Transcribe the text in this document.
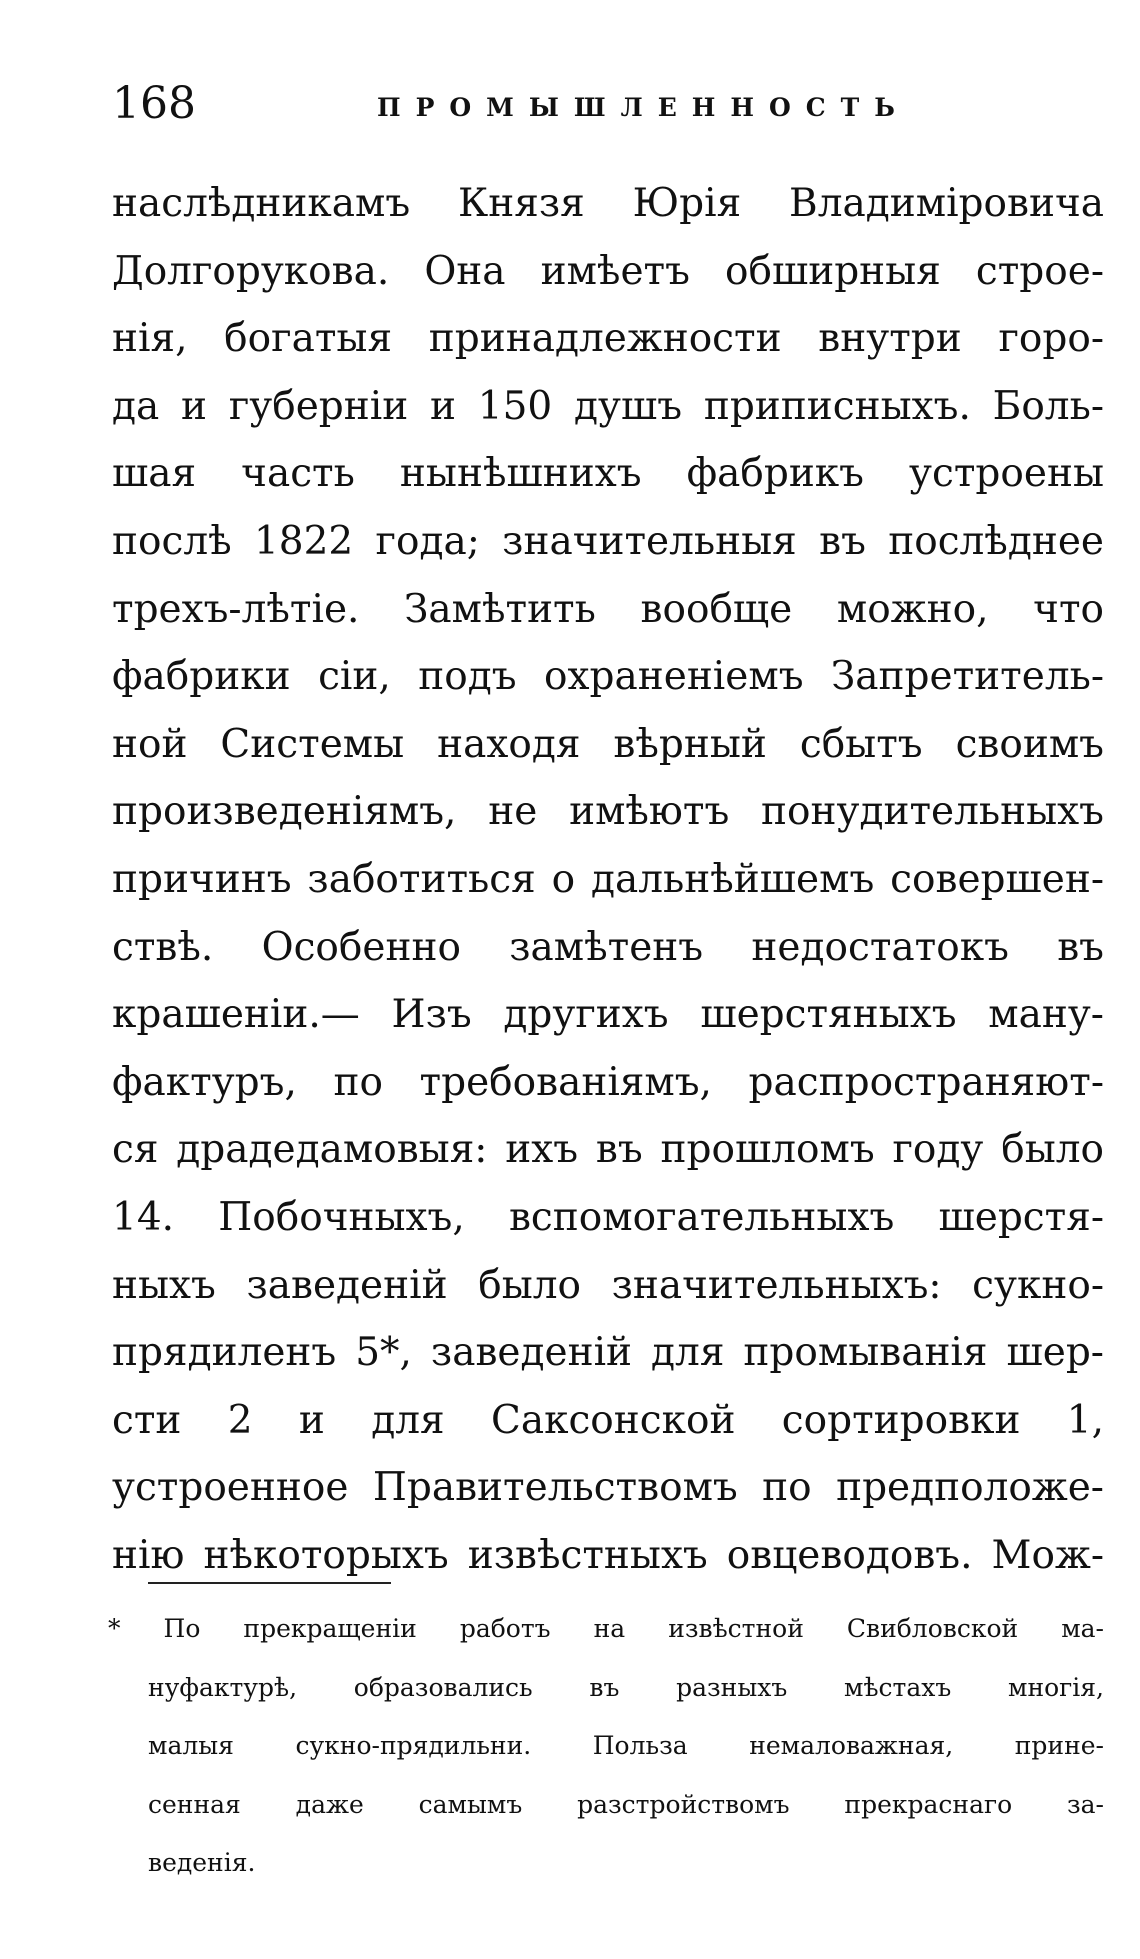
168	ПРОМЫШЛЕННОСТЬ
наслѣдникамъ Князя Юрія Владиміровича
Долгорукова. Она имѣетъ обширныя строе-
нія, богатыя принадлежности внутри горо-
да и губерніи и 150 душъ приписныхъ. Боль-
шая часть нынѣшнихъ фабрикъ устроены
послѣ 1822 года; значительныя въ послѣднее
трехъ-лѣтіе. Замѣтить вообще можно, что
фабрики сіи, подъ охраненіемъ Запретитель-
ной Системы находя вѣрный сбытъ своимъ
произведеніямъ, не имѣютъ понудительныхъ
причинъ заботиться о дальнѣйшемъ совершен-
ствѣ. Особенно замѣтенъ недостатокъ въ
крашеніи.— Изъ другихъ шерстяныхъ ману-
фактуръ, по требованіямъ, распространяют-
ся драдедамовыя: ихъ въ прошломъ году было
14. Побочныхъ, вспомогательныхъ шерстя-
ныхъ заведеній было значительныхъ: сукно-
прядиленъ 5*, заведеній для промыванія шер-
сти 2 и для Саксонской сортировки 1,
устроенное Правительствомъ по предположе-
нію нѣкоторыхъ извѣстныхъ овцеводовъ. Мож-
* По прекращеніи работъ на извѣстной Свибловской ма-
нуфактурѣ, образовались въ разныхъ мѣстахъ многія,
малыя сукно-прядильни. Польза немаловажная, прине-
сенная даже самымъ разстройствомъ прекраснаго за-
веденія.
